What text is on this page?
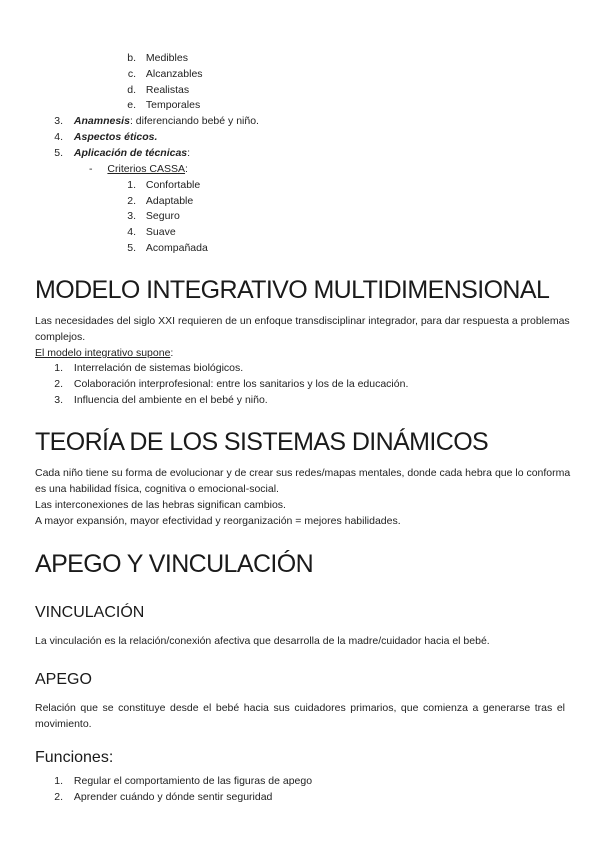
b. Medibles
c. Alcanzables
d. Realistas
e. Temporales
3. Anamnesis: diferenciando bebé y niño.
4. Aspectos éticos.
5. Aplicación de técnicas:
- Criterios CASSA:
1. Confortable
2. Adaptable
3. Seguro
4. Suave
5. Acompañada
MODELO INTEGRATIVO MULTIDIMENSIONAL
Las necesidades del siglo XXI requieren de un enfoque transdisciplinar integrador, para dar respuesta a problemas
complejos.
El modelo integrativo supone:
1. Interrelación de sistemas biológicos.
2. Colaboración interprofesional: entre los sanitarios y los de la educación.
3. Influencia del ambiente en el bebé y niño.
TEORÍA DE LOS SISTEMAS DINÁMICOS
Cada niño tiene su forma de evolucionar y de crear sus redes/mapas mentales, donde cada hebra que lo conforma
es una habilidad física, cognitiva o emocional-social.
Las interconexiones de las hebras significan cambios.
A mayor expansión, mayor efectividad y reorganización = mejores habilidades.
APEGO Y VINCULACIÓN
VINCULACIÓN
La vinculación es la relación/conexión afectiva que desarrolla de la madre/cuidador hacia el bebé.
APEGO
Relación que se constituye desde el bebé hacia sus cuidadores primarios, que comienza a generarse tras el
movimiento.
Funciones:
1. Regular el comportamiento de las figuras de apego
2. Aprender cuándo y dónde sentir seguridad
